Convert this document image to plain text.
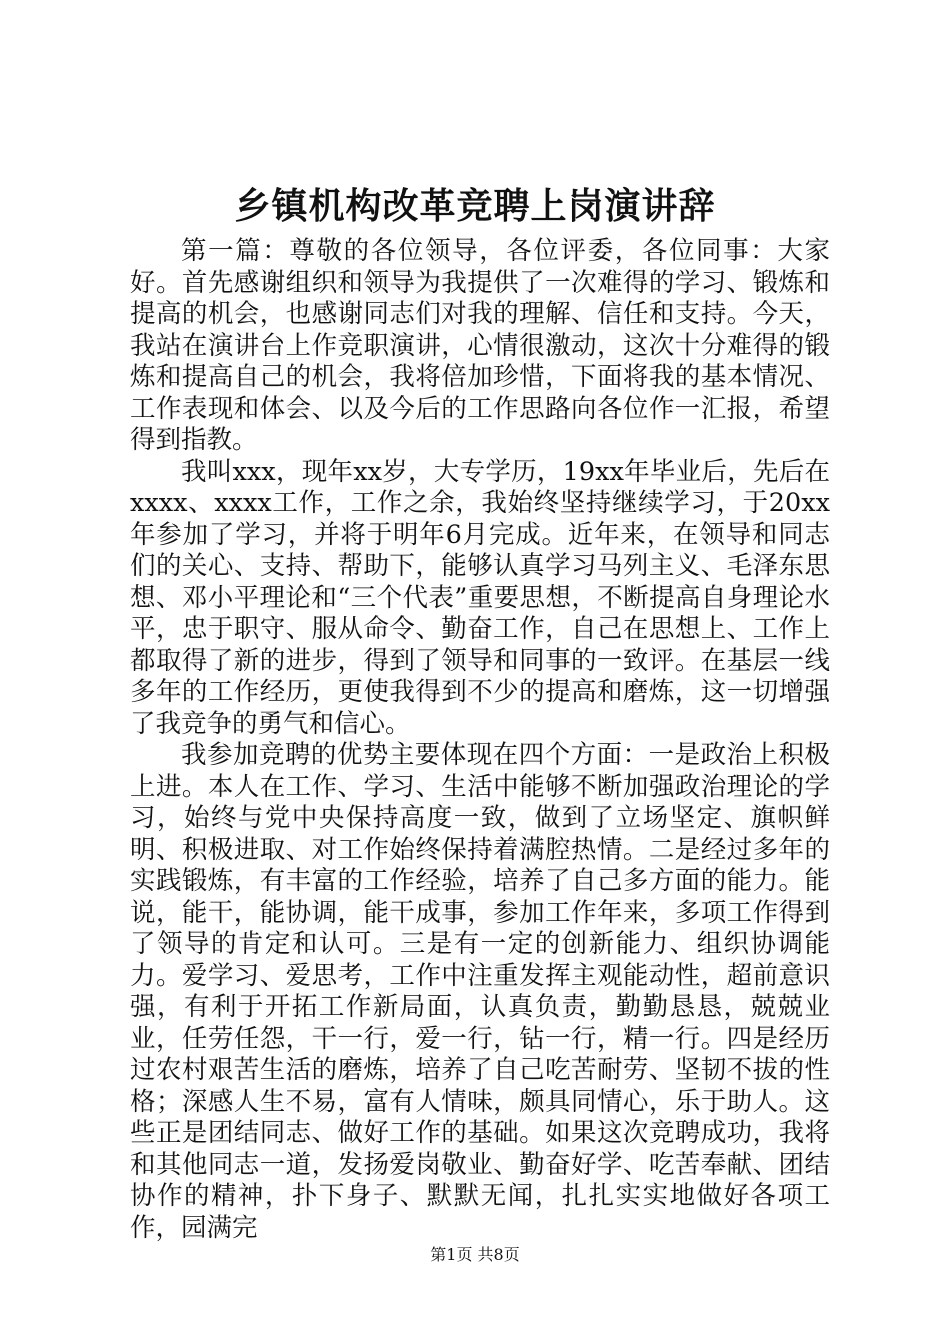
乡镇机构改革竞聘上岗演讲辞

第一篇：尊敬的各位领导，各位评委，各位同事：大家好。首先感谢组织和领导为我提供了一次难得的学习、锻炼和提高的机会，也感谢同志们对我的理解、信任和支持。今天，我站在演讲台上作竞职演讲，心情很激动，这次十分难得的锻炼和提高自己的机会，我将倍加珍惜，下面将我的基本情况、工作表现和体会、以及今后的工作思路向各位作一汇报，希望得到指教。

我叫xxx，现年xx岁，大专学历，19xx年毕业后，先后在xxxx、xxxx工作，工作之余，我始终坚持继续学习，于20xx年参加了学习，并将于明年6月完成。近年来，在领导和同志们的关心、支持、帮助下，能够认真学习马列主义、毛泽东思想、邓小平理论和“三个代表”重要思想，不断提高自身理论水平，忠于职守、服从命令、勤奋工作，自己在思想上、工作上都取得了新的进步，得到了领导和同事的一致评。在基层一线多年的工作经历，更使我得到不少的提高和磨炼，这一切增强了我竞争的勇气和信心。

我参加竞聘的优势主要体现在四个方面：一是政治上积极上进。本人在工作、学习、生活中能够不断加强政治理论的学习，始终与党中央保持高度一致，做到了立场坚定、旗帜鲜明、积极进取、对工作始终保持着满腔热情。二是经过多年的实践锻炼，有丰富的工作经验，培养了自己多方面的能力。能说，能干，能协调，能干成事，参加工作年来，多项工作得到了领导的肯定和认可。三是有一定的创新能力、组织协调能力。爱学习、爱思考，工作中注重发挥主观能动性，超前意识强，有利于开拓工作新局面，认真负责，勤勤恳恳，兢兢业业，任劳任怨，干一行，爱一行，钻一行，精一行。四是经历过农村艰苦生活的磨炼，培养了自己吃苦耐劳、坚韧不拔的性格；深感人生不易，富有人情味，颇具同情心，乐于助人。这些正是团结同志、做好工作的基础。如果这次竞聘成功，我将和其他同志一道，发扬爱岗敬业、勤奋好学、吃苦奉献、团结协作的精神，扑下身子、默默无闻，扎扎实实地做好各项工作，园满完

第1页 共8页
